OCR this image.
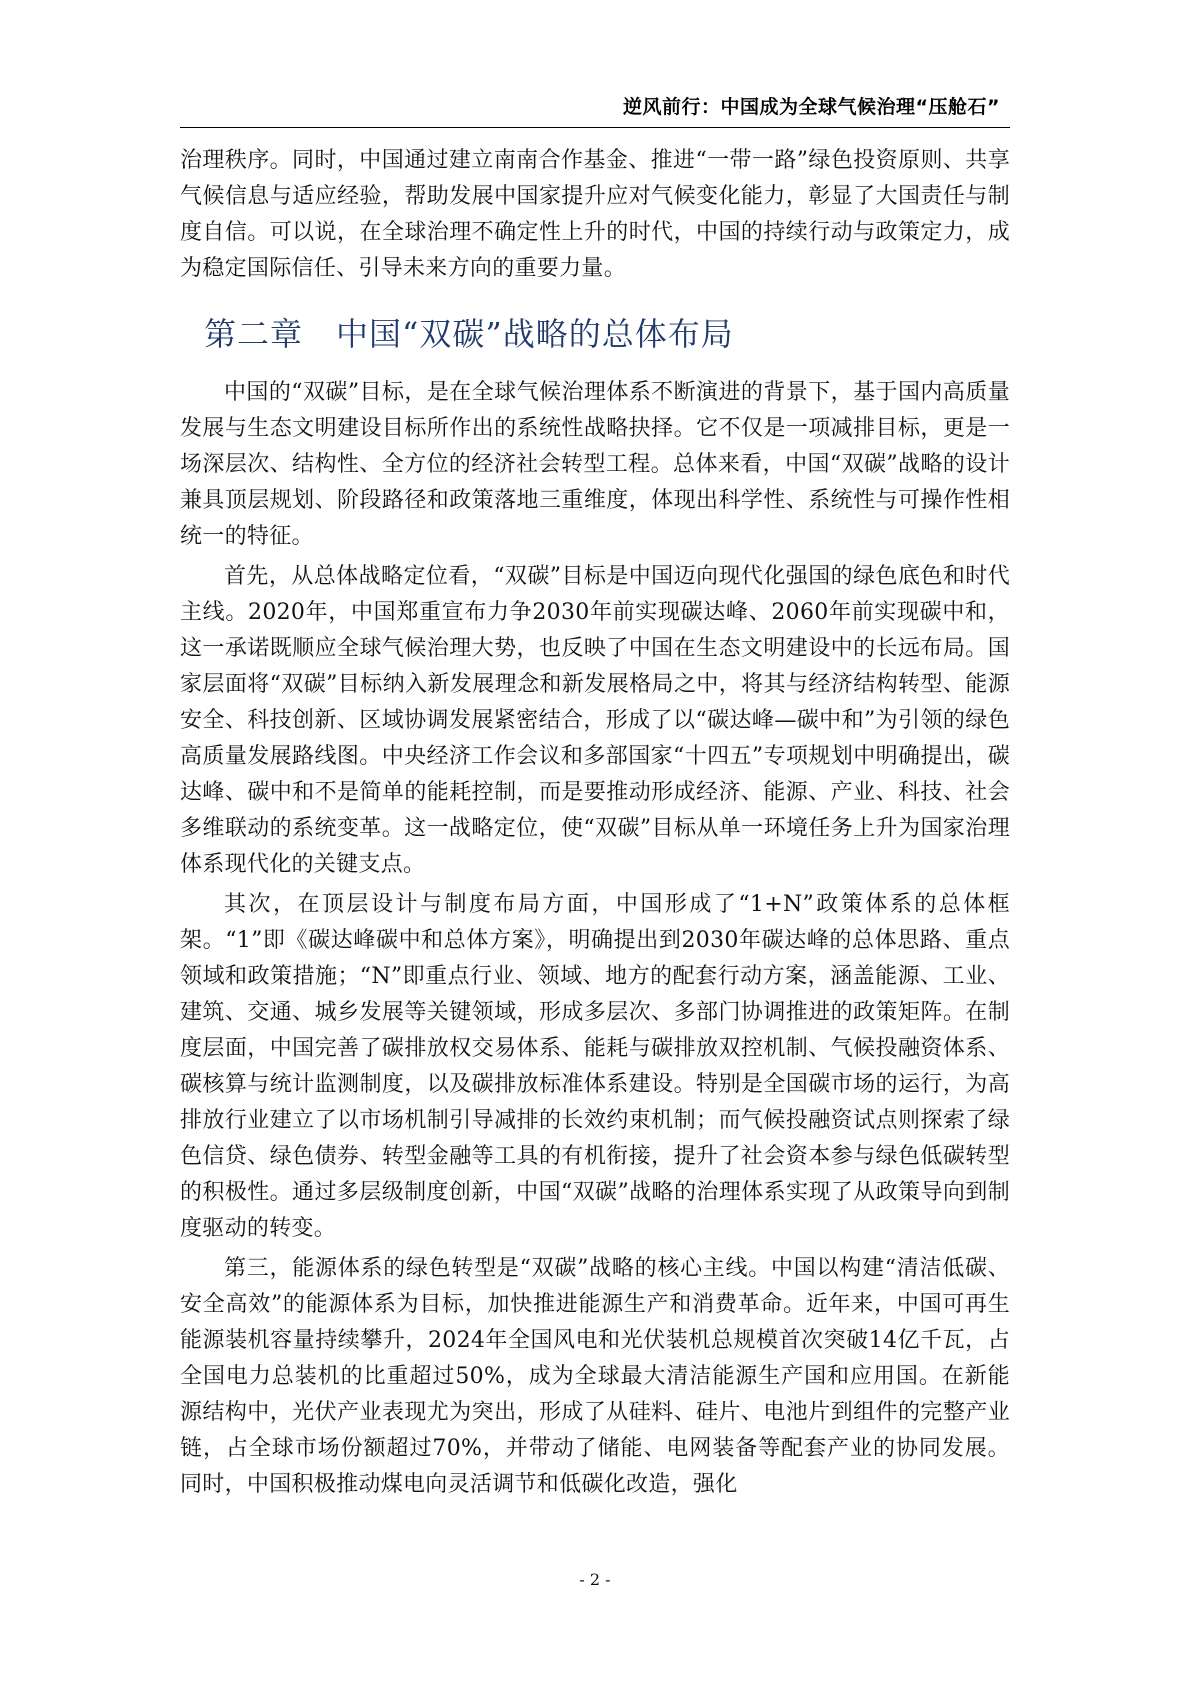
逆风前行：中国成为全球气候治理“压舱石”

治理秩序。同时，中国通过建立南南合作基金、推进“一带一路”绿色投资原则、共享气候信息与适应经验，帮助发展中国家提升应对气候变化能力，彰显了大国责任与制度自信。可以说，在全球治理不确定性上升的时代，中国的持续行动与政策定力，成为稳定国际信任、引导未来方向的重要力量。

第二章　中国“双碳”战略的总体布局

中国的“双碳”目标，是在全球气候治理体系不断演进的背景下，基于国内高质量发展与生态文明建设目标所作出的系统性战略抉择。它不仅是一项减排目标，更是一场深层次、结构性、全方位的经济社会转型工程。总体来看，中国“双碳”战略的设计兼具顶层规划、阶段路径和政策落地三重维度，体现出科学性、系统性与可操作性相统一的特征。

首先，从总体战略定位看，“双碳”目标是中国迈向现代化强国的绿色底色和时代主线。2020年，中国郑重宣布力争2030年前实现碳达峰、2060年前实现碳中和，这一承诺既顺应全球气候治理大势，也反映了中国在生态文明建设中的长远布局。国家层面将“双碳”目标纳入新发展理念和新发展格局之中，将其与经济结构转型、能源安全、科技创新、区域协调发展紧密结合，形成了以“碳达峰—碳中和”为引领的绿色高质量发展路线图。中央经济工作会议和多部国家“十四五”专项规划中明确提出，碳达峰、碳中和不是简单的能耗控制，而是要推动形成经济、能源、产业、科技、社会多维联动的系统变革。这一战略定位，使“双碳”目标从单一环境任务上升为国家治理体系现代化的关键支点。

其次，在顶层设计与制度布局方面，中国形成了“1+N”政策体系的总体框架。“1”即《碳达峰碳中和总体方案》，明确提出到2030年碳达峰的总体思路、重点领域和政策措施；“N”即重点行业、领域、地方的配套行动方案，涵盖能源、工业、建筑、交通、城乡发展等关键领域，形成多层次、多部门协调推进的政策矩阵。在制度层面，中国完善了碳排放权交易体系、能耗与碳排放双控机制、气候投融资体系、碳核算与统计监测制度，以及碳排放标准体系建设。特别是全国碳市场的运行，为高排放行业建立了以市场机制引导减排的长效约束机制；而气候投融资试点则探索了绿色信贷、绿色债券、转型金融等工具的有机衔接，提升了社会资本参与绿色低碳转型的积极性。通过多层级制度创新，中国“双碳”战略的治理体系实现了从政策导向到制度驱动的转变。

第三，能源体系的绿色转型是“双碳”战略的核心主线。中国以构建“清洁低碳、安全高效”的能源体系为目标，加快推进能源生产和消费革命。近年来，中国可再生能源装机容量持续攀升，2024年全国风电和光伏装机总规模首次突破14亿千瓦，占全国电力总装机的比重超过50%，成为全球最大清洁能源生产国和应用国。在新能源结构中，光伏产业表现尤为突出，形成了从硅料、硅片、电池片到组件的完整产业链，占全球市场份额超过70%，并带动了储能、电网装备等配套产业的协同发展。同时，中国积极推动煤电向灵活调节和低碳化改造，强化

- 2 -
